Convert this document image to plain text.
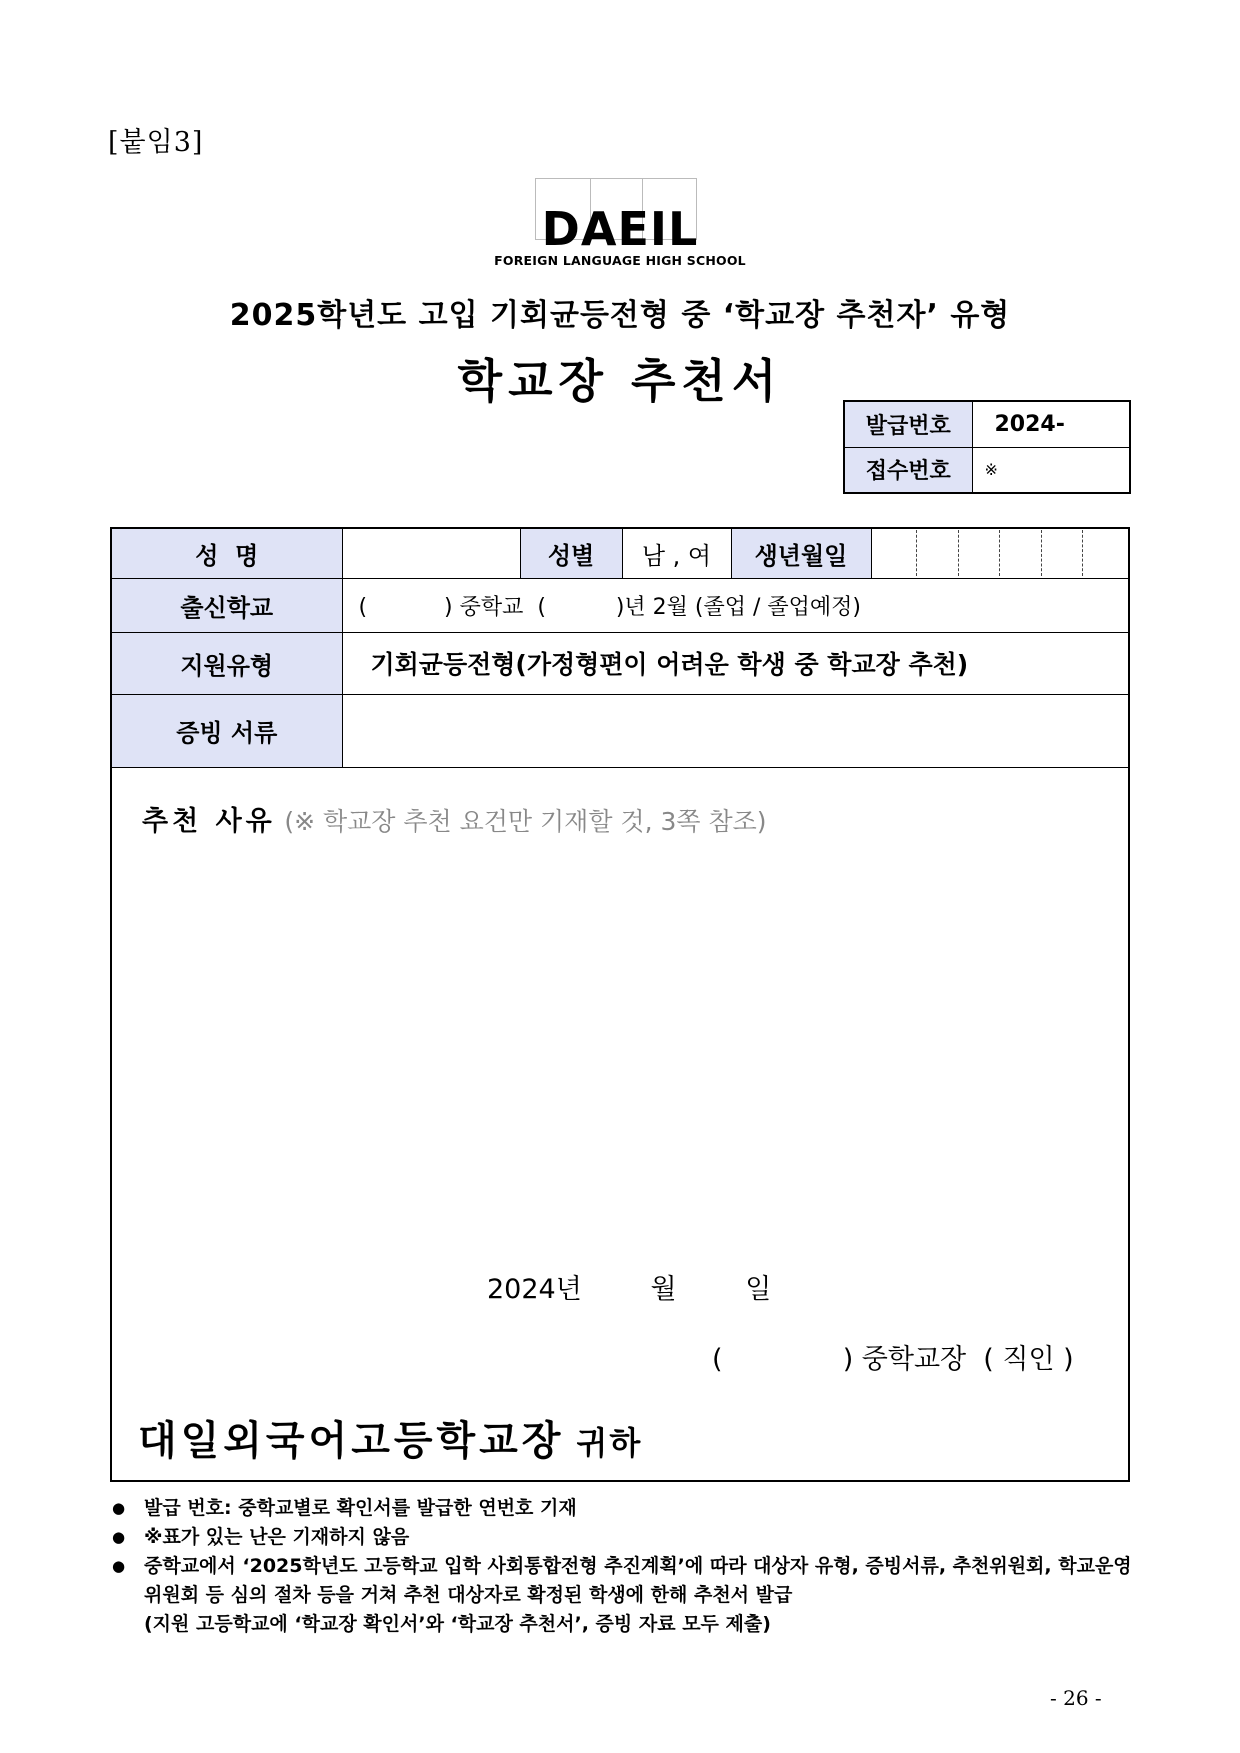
[붙임3]
DAEIL
FOREIGN LANGUAGE HIGH SCHOOL
2025학년도 고입 기회균등전형 중 ‘학교장 추천자’ 유형
학교장 추천서
발급번호	2024-
접수번호	※
성  명		성별	남 , 여	생년월일	

출신학교	(           ) 중학교  (          )년 2월 (졸업 / 졸업예정)				
지원유형	기회균등전형(가정형편이 어려운 학생 중 학교장 추천)				
증빙 서류					
추천 사유 (※ 학교장 추천 요건만 기재할 것, 3쪽 참조)
2024년        월        일
(              ) 중학교장  ( 직인 )
대일외국어고등학교장 귀하
● 발급 번호: 중학교별로 확인서를 발급한 연번호 기재
● ※표가 있는 난은 기재하지 않음
● 중학교에서 ‘2025학년도 고등학교 입학 사회통합전형 추진계획’에 따라 대상자 유형, 증빙서류, 추천위원회, 학교운영위원회 등 심의 절차 등을 거쳐 추천 대상자로 확정된 학생에 한해 추천서 발급
(지원 고등학교에 ‘학교장 확인서’와 ‘학교장 추천서’, 증빙 자료 모두 제출)
- 26 -
